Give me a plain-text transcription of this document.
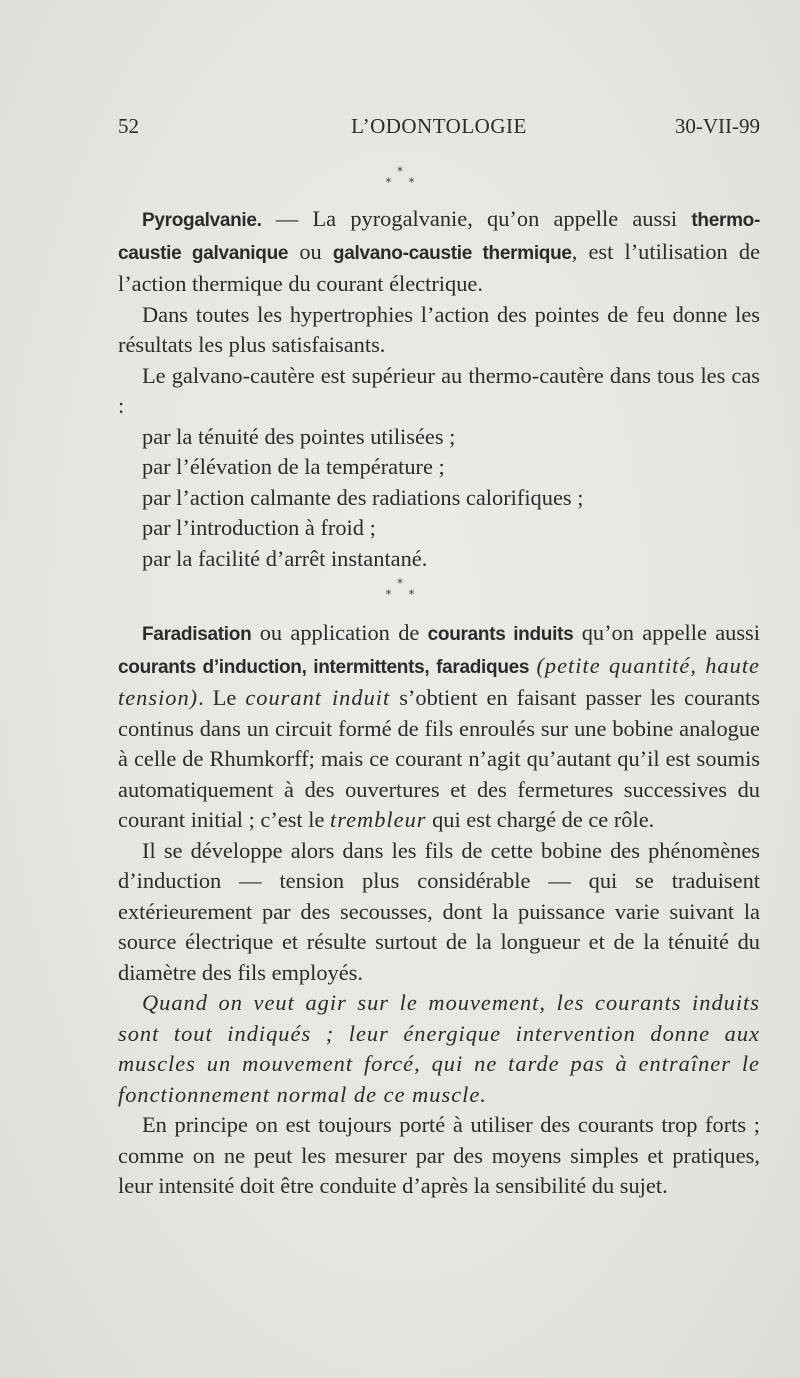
52	L’ODONTOLOGIE	30-VII-99
*
* *

Pyrogalvanie. — La pyrogalvanie, qu’on appelle aussi thermo-caustie galvanique ou galvano-caustie thermique, est l’utilisation de l’action thermique du courant électrique.

Dans toutes les hypertrophies l’action des pointes de feu donne les résultats les plus satisfaisants.

Le galvano-cautère est supérieur au thermo-cautère dans tous les cas :

par la ténuité des pointes utilisées ;
par l’élévation de la température ;
par l’action calmante des radiations calorifiques ;
par l’introduction à froid ;
par la facilité d’arrêt instantané.
*
* *

Faradisation ou application de courants induits qu’on appelle aussi courants d’induction, intermittents, faradiques (petite quantité, haute tension). Le courant induit s’obtient en faisant passer les courants continus dans un circuit formé de fils enroulés sur une bobine analogue à celle de Rhumkorff; mais ce courant n’agit qu’autant qu’il est soumis automatiquement à des ouvertures et des fermetures successives du courant initial ; c’est le trembleur qui est chargé de ce rôle.

Il se développe alors dans les fils de cette bobine des phénomènes d’induction — tension plus considérable — qui se traduisent extérieurement par des secousses, dont la puissance varie suivant la source électrique et résulte surtout de la longueur et de la ténuité du diamètre des fils employés.

Quand on veut agir sur le mouvement, les courants induits sont tout indiqués ; leur énergique intervention donne aux muscles un mouvement forcé, qui ne tarde pas à entraîner le fonctionnement normal de ce muscle.

En principe on est toujours porté à utiliser des courants trop forts ; comme on ne peut les mesurer par des moyens simples et pratiques, leur intensité doit être conduite d’après la sensibilité du sujet.
